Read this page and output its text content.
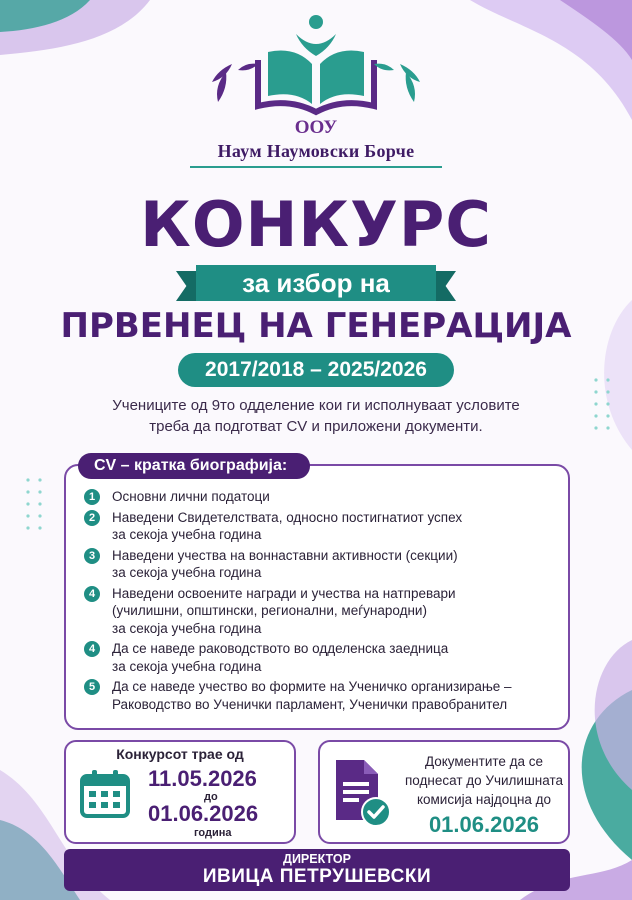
ООУ
Наум Наумовски Борче
КОНКУРС
за избор на
ПРВЕНЕЦ НА ГЕНЕРАЦИЈА
2017/2018 – 2025/2026
Учениците од 9то одделение кои ги исполнуваат условите
треба да подготват CV и приложени документи.
CV – кратка биографија:
1	Основни лични податоци
2	Наведени Свидетелствата, односно постигнатиот успех
за секоја учебна година
3	Наведени учества на воннаставни активности (секции)
за секоја учебна година
4	Наведени освоените награди и учества на натпревари
(училишни, општински, регионални, меѓународни)
за секоја учебна година
4	Да се наведе раководството во одделенска заедница
за секоја учебна година
5	Да се наведе учество во формите на Ученичко организирање –
Раководство во Ученички парламент, Ученички правобранител
Конкурсот трае од
11.05.2026
до
01.06.2026
година
Документите да се
поднесат до Училишната
комисија најдоцна до
01.06.2026
ДИРЕКТОР
ИВИЦА ПЕТРУШЕВСКИ
